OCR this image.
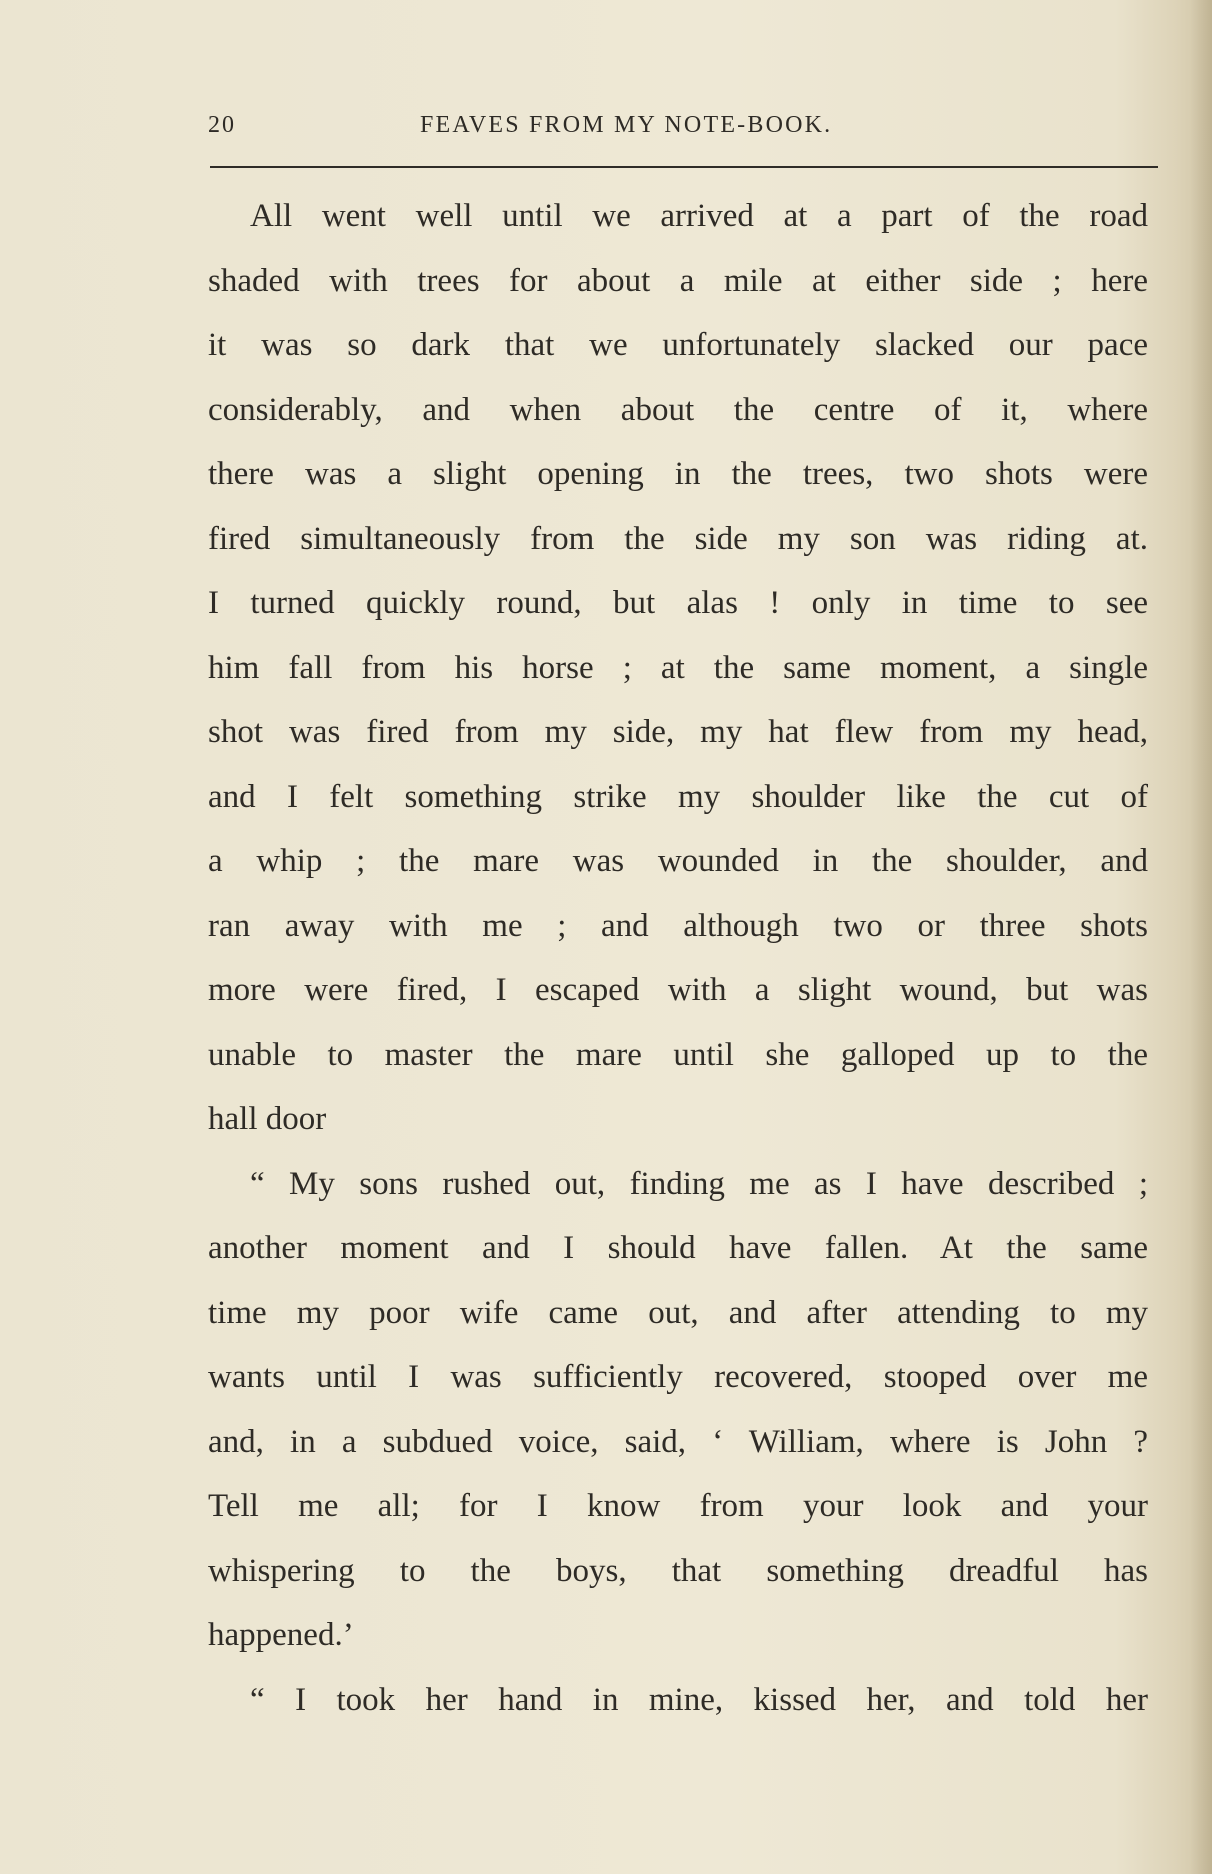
20	FEAVES FROM MY NOTE-BOOK.
All went well until we arrived at a part of the road
shaded with trees for about a mile at either side ; here
it was so dark that we unfortunately slacked our pace
considerably, and when about the centre of it, where
there was a slight opening in the trees, two shots were
fired simultaneously from the side my son was riding at.
I turned quickly round, but alas ! only in time to see
him fall from his horse ; at the same moment, a single
shot was fired from my side, my hat flew from my head,
and I felt something strike my shoulder like the cut of
a whip ; the mare was wounded in the shoulder, and
ran away with me ; and although two or three shots
more were fired, I escaped with a slight wound, but was
unable to master the mare until she galloped up to the
hall door
“ My sons rushed out, finding me as I have described ;
another moment and I should have fallen. At the same
time my poor wife came out, and after attending to my
wants until I was sufficiently recovered, stooped over me
and, in a subdued voice, said, ‘ William, where is John ?
Tell me all; for I know from your look and your
whispering to the boys, that something dreadful has
happened.’
“ I took her hand in mine, kissed her, and told her
